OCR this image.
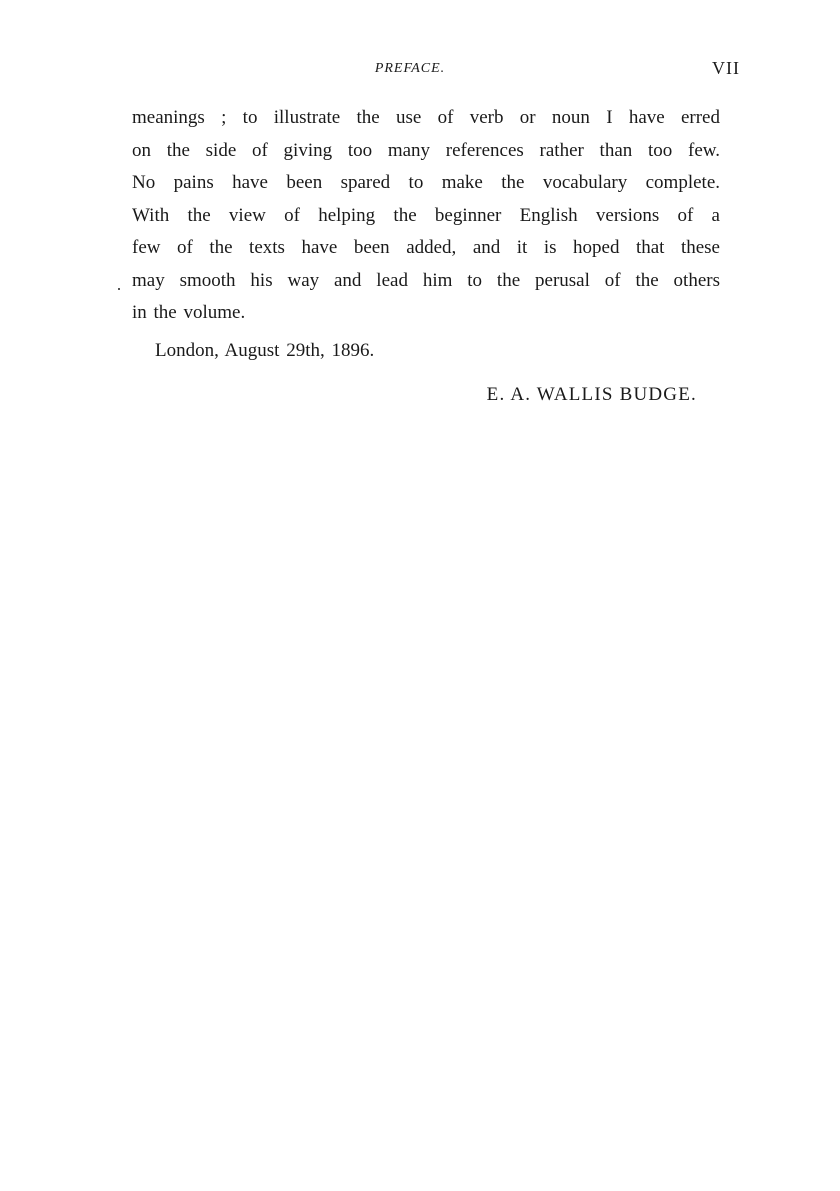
PREFACE.	VII
meanings ; to illustrate the use of verb or noun I have erred
on the side of giving too many references rather than too few.
No pains have been spared to make the vocabulary complete.
With the view of helping the beginner English versions of a
few of the texts have been added, and it is hoped that these
may smooth his way and lead him to the perusal of the others
in the volume.
London, August 29th, 1896.
E. A. WALLIS BUDGE.
